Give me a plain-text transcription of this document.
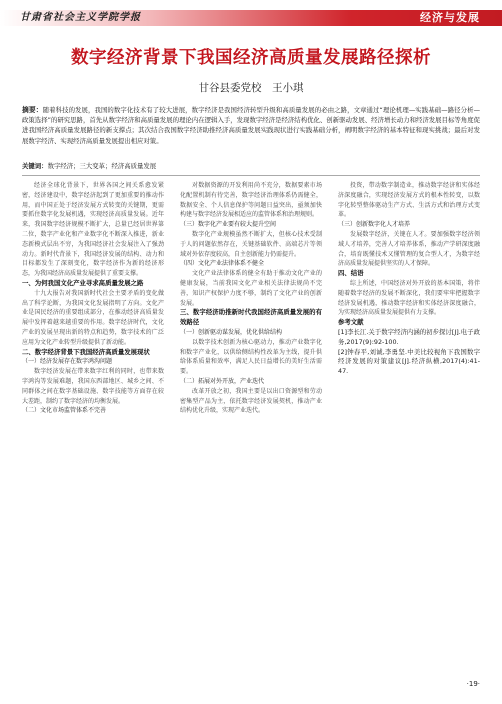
甘肃省社会主义学院学报	经济与发展
数字经济背景下我国经济高质量发展路径探析
甘谷县委党校　王小琪
摘要：随着科技的发展，我国的数字化技术有了较大进展，数字经济是我国经济转型升级和高质量发展的必由之路，文章通过“理论机理—实践基础—路径分析—政策选择”的研究思路，首先从数字经济和高质量发展的理论内在逻辑入手，发现数字经济是经济结构优化、创新驱动发展、经济增长动力和经济发展目标等角度促进我国经济高质量发展路径的新支撑点；其次结合我国数字经济助推经济高质量发展实践现状进行实践基础分析，阐明数字经济的基本特征和现实挑战；最后对发展数字经济、实现经济高质量发展提出相应对策。
关键词：数字经济；三大变革；经济高质量发展

经济全球化背景下，世界各国之间关系愈发紧密，经济建设中，数字经济起到了更加重要的推动作用，而中国正处于经济发展方式转变的关键期，更需要抓住数字化发展机遇，实现经济高质量发展。近年来，我国数字经济规模不断扩大，总量已经居世界第二位，数字产业化和产业数字化不断深入推进，新业态新模式层出不穷，为我国经济社会发展注入了强劲动力。新时代背景下，我国经济发展的结构、动力和目标都发生了深刻变化，数字经济作为新的经济形态，为我国经济高质量发展提供了重要支撑。

一、为何我国文化产业寻求高质量发展之路

十九大报告对我国新时代社会主要矛盾的变化做出了科学论断，为我国文化发展指明了方向。文化产业是国民经济的重要组成部分，在推动经济高质量发展中发挥着越来越重要的作用。数字经济时代，文化产业的发展呈现出新的特点和趋势，数字技术的广泛应用为文化产业转型升级提供了新动能。

二、数字经济背景下我国经济高质量发展现状

（一）经济发展存在数字鸿沟问题

数字经济发展在带来数字红利的同时，也带来数字鸿沟等发展难题，我国东西部地区、城乡之间、不同群体之间在数字基础设施、数字技能等方面存在较大差距，制约了数字经济的均衡发展。

（二）文化市场监管体系不完善

对数据资源的开发利用尚不充分，数据要素市场化配置机制有待完善，数字经济治理体系仍需健全，数据安全、个人信息保护等问题日益突出，亟须加快构建与数字经济发展相适应的监管体系和治理规则。

（三）数字化产业要有较大提升空间

数字化产业规模虽然不断扩大，但核心技术受制于人的问题依然存在，关键基础软件、高端芯片等领域对外依存度较高，自主创新能力仍需提升。

（四）文化产业法律体系不健全

文化产业法律体系的健全有助于推动文化产业的健康发展，当前我国文化产业相关法律法规尚不完善，知识产权保护力度不够，制约了文化产业的创新发展。

三、数字经济助推新时代我国经济高质量发展的有效路径

（一）创新驱动谋发展，优化供给结构

以数字技术创新为核心驱动力，推动产业数字化和数字产业化，以供给侧结构性改革为主线，提升供给体系质量和效率，满足人民日益增长的美好生活需要。

（二）拓展对外开放，产业迭代

改革开放之初，我国主要是以出口资源型和劳动密集型产品为主，依托数字经济发展契机，推动产业结构优化升级，实现产业迭代。

投资，带动数字制造业，推动数字经济和实体经济深度融合，实现经济发展方式的根本性转变，以数字化转型整体驱动生产方式、生活方式和治理方式变革。

（三）创新数字化人才培养

发展数字经济，关键在人才。要加强数字经济领域人才培养，完善人才培养体系，推动产学研深度融合，培育既懂技术又懂管理的复合型人才，为数字经济高质量发展提供坚实的人才保障。

四、结语

综上所述，中国经济对外开放的基本国策，将伴随着数字经济的发展不断深化，我们要牢牢把握数字经济发展机遇，推动数字经济和实体经济深度融合，为实现经济高质量发展提供有力支撑。

参考文献

[1]李长江.关于数字经济内涵的初步探讨[J].电子政务,2017(9):92-100.

[2]钟春平,刘诚,李勇坚.中美比较视角下我国数字经济发展的对策建议[J].经济纵横,2017(4):41-47.

·19·
